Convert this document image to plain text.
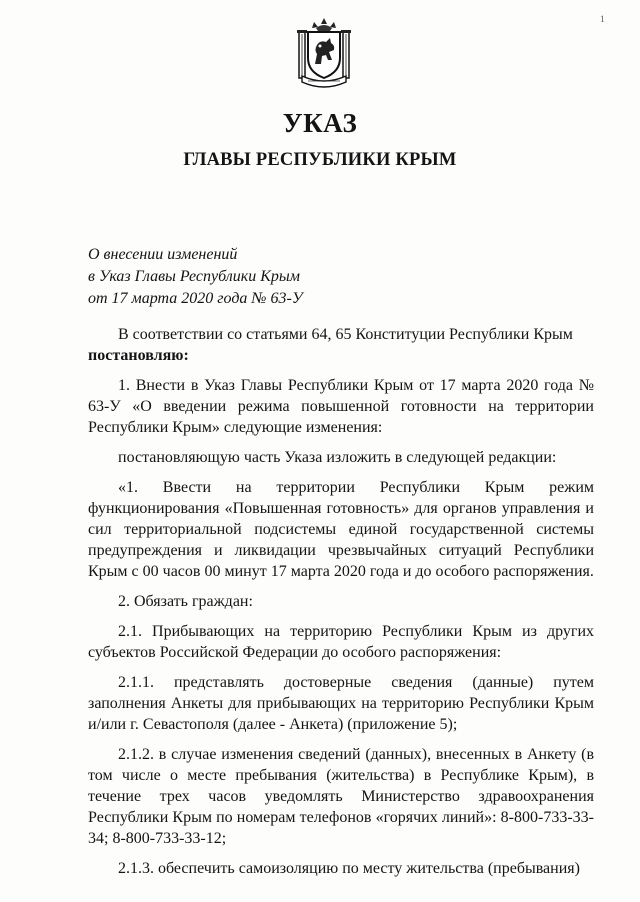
1
УКАЗ
ГЛАВЫ РЕСПУБЛИКИ КРЫМ
О внесении изменений
в Указ Главы Республики Крым
от 17 марта 2020 года № 63-У

В соответствии со статьями 64, 65 Конституции Республики Крым
постановляю:

1. Внести в Указ Главы Республики Крым от 17 марта 2020 года № 63-У «О введении режима повышенной готовности на территории Республики Крым» следующие изменения:

постановляющую часть Указа изложить в следующей редакции:

«1. Ввести на территории Республики Крым режим функционирования «Повышенная готовность» для органов управления и сил территориальной подсистемы единой государственной системы предупреждения и ликвидации чрезвычайных ситуаций Республики Крым с 00 часов 00 минут 17 марта 2020 года и до особого распоряжения.

2. Обязать граждан:

2.1. Прибывающих на территорию Республики Крым из других субъектов Российской Федерации до особого распоряжения:

2.1.1. представлять достоверные сведения (данные) путем заполнения Анкеты для прибывающих на территорию Республики Крым и/или г. Севастополя (далее - Анкета) (приложение 5);

2.1.2. в случае изменения сведений (данных), внесенных в Анкету (в том числе о месте пребывания (жительства) в Республике Крым), в течение трех часов уведомлять Министерство здравоохранения Республики Крым по номерам телефонов «горячих линий»: 8-800-733-33-34; 8-800-733-33-12;

2.1.3. обеспечить самоизоляцию по месту жительства (пребывания)
